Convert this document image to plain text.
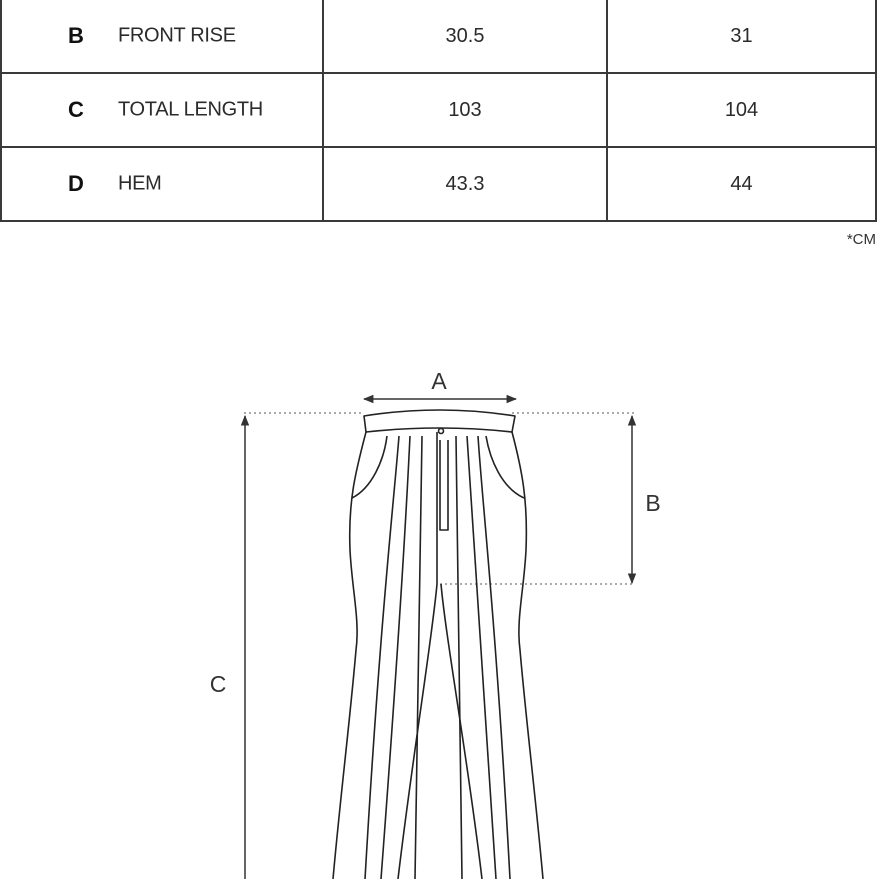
B FRONT RISE	30.5	31

C TOTAL LENGTH	103	104

D HEM	43.3	44
*CM
A
B
C
